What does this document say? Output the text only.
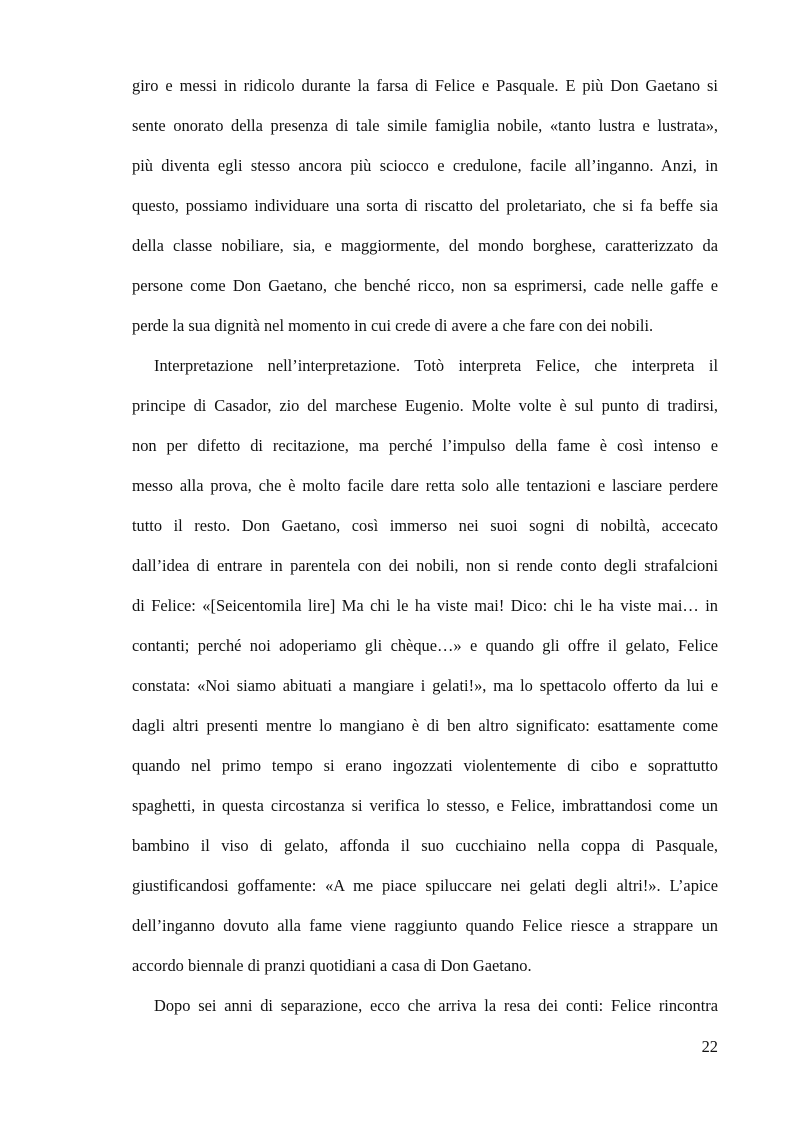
giro e messi in ridicolo durante la farsa di Felice e Pasquale. E più Don Gaetano si
sente onorato della presenza di tale simile famiglia nobile, «tanto lustra e lustrata»,
più diventa egli stesso ancora più sciocco e credulone, facile all’inganno. Anzi, in
questo, possiamo individuare una sorta di riscatto del proletariato, che si fa beffe sia
della classe nobiliare, sia, e maggiormente, del mondo borghese, caratterizzato da
persone come Don Gaetano, che benché ricco, non sa esprimersi, cade nelle gaffe e
perde la sua dignità nel momento in cui crede di avere a che fare con dei nobili.
Interpretazione nell’interpretazione. Totò interpreta Felice, che interpreta il
principe di Casador, zio del marchese Eugenio. Molte volte è sul punto di tradirsi,
non per difetto di recitazione, ma perché l’impulso della fame è così intenso e
messo alla prova, che è molto facile dare retta solo alle tentazioni e lasciare perdere
tutto il resto. Don Gaetano, così immerso nei suoi sogni di nobiltà, accecato
dall’idea di entrare in parentela con dei nobili, non si rende conto degli strafalcioni
di Felice: «[Seicentomila lire] Ma chi le ha viste mai! Dico: chi le ha viste mai… in
contanti; perché noi adoperiamo gli chèque…» e quando gli offre il gelato, Felice
constata: «Noi siamo abituati a mangiare i gelati!», ma lo spettacolo offerto da lui e
dagli altri presenti mentre lo mangiano è di ben altro significato: esattamente come
quando nel primo tempo si erano ingozzati violentemente di cibo e soprattutto
spaghetti, in questa circostanza si verifica lo stesso, e Felice, imbrattandosi come un
bambino il viso di gelato, affonda il suo cucchiaino nella coppa di Pasquale,
giustificandosi goffamente: «A me piace spiluccare nei gelati degli altri!». L’apice
dell’inganno dovuto alla fame viene raggiunto quando Felice riesce a strappare un
accordo biennale di pranzi quotidiani a casa di Don Gaetano.
Dopo sei anni di separazione, ecco che arriva la resa dei conti: Felice rincontra
22
